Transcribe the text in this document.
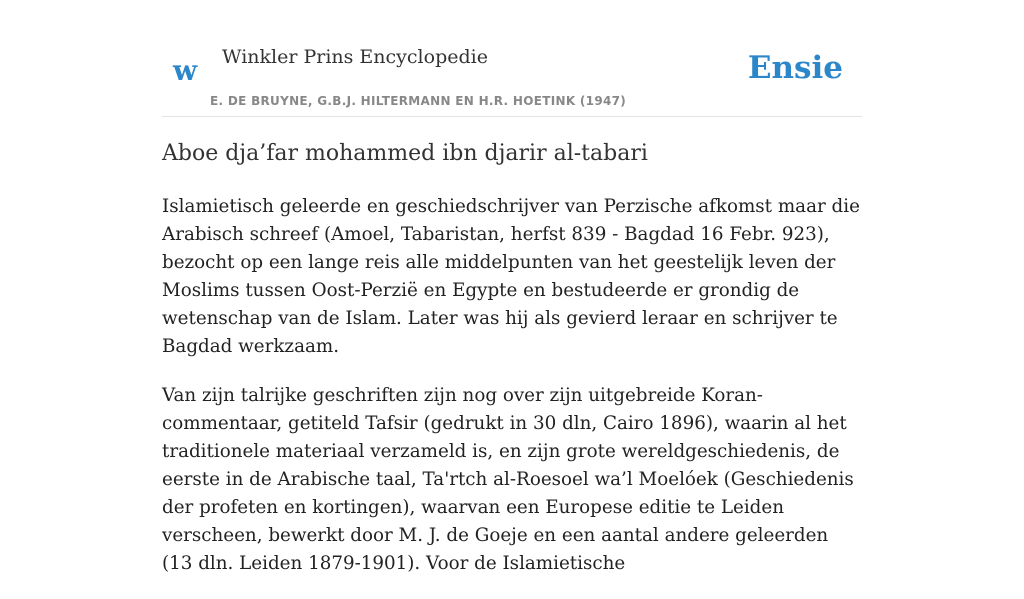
w Winkler Prins Encyclopedie
E. DE BRUYNE, G.B.J. HILTERMANN EN H.R. HOETINK (1947)
Ensie
Aboe dja’far mohammed ibn djarir al-tabari

Islamietisch geleerde en geschiedschrijver van Perzische afkomst maar die Arabisch schreef (Amoel, Tabaristan, herfst 839 - Bagdad 16 Febr. 923), bezocht op een lange reis alle middelpunten van het geestelijk leven der Moslims tussen Oost-Perzië en Egypte en bestudeerde er grondig de wetenschap van de Islam. Later was hij als gevierd leraar en schrijver te Bagdad werkzaam.

Van zijn talrijke geschriften zijn nog over zijn uitgebreide Koran-commentaar, getiteld Tafsir (gedrukt in 30 dln, Cairo 1896), waarin al het traditionele materiaal verzameld is, en zijn grote wereldgeschiedenis, de eerste in de Arabische taal, Ta'rtch al-Roesoel wa’l Moelóek (Geschiedenis der profeten en kortingen), waarvan een Europese editie te Leiden verscheen, bewerkt door M. J. de Goeje en een aantal andere geleerden (13 dln. Leiden 1879-1901). Voor de Islamietische
